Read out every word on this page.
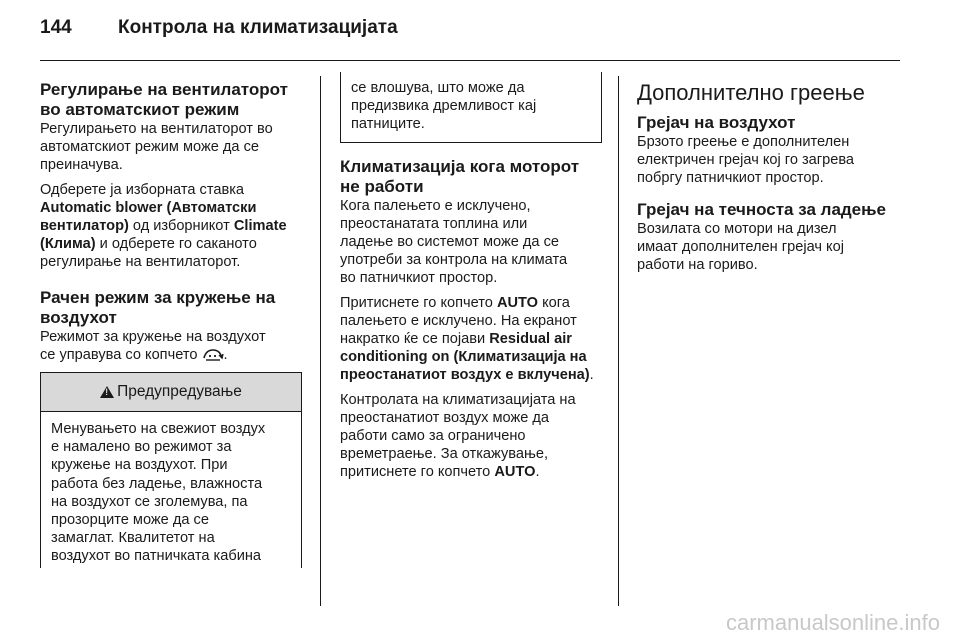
144 Контрола на климатизацијата
Регулирање на вентилаторот
во автоматскиот режим
Регулирањето на вентилаторот во
автоматскиот режим може да се
преиначува.
Одберете ја изборната ставка
Automatic blower (Автоматски
вентилатор) од изборникот Climate
(Клима) и одберете го саканото
регулирање на вентилаторот.
Рачен режим за кружење на
воздухот
Режимот за кружење на воздухот
се управува со копчето .
!
Предупредување
Менувањето на свежиот воздух
е намалено во режимот за
кружење на воздухот. При
работа без ладење, влажноста
на воздухот се зголемува, па
прозорците може да се
замаглат. Квалитетот на
воздухот во патничката кабина
се влошува, што може да
предизвика дремливост кај
патниците.
Климатизација кога моторот
не работи
Кога палењето е исклучено,
преостанатата топлина или
ладење во системот може да се
употреби за контрола на климата
во патничкиот простор.
Притиснете го копчето AUTO кога
палењето е исклучено. На екранот
накратко ќе се појави Residual air
conditioning on (Климатизација на
преостанатиот воздух е вклучена).
Контролата на климатизацијата на
преостанатиот воздух може да
работи само за ограничено
времетраење. За откажување,
притиснете го копчето AUTO.
Дополнително греење
Грејач на воздухот
Брзото греење е дополнителен
електричен грејач кој го загрева
побргу патничкиот простор.
Грејач на течноста за ладење
Возилата со мотори на дизел
имаат дополнителен грејач кој
работи на гориво.
carmanualsonline.info
